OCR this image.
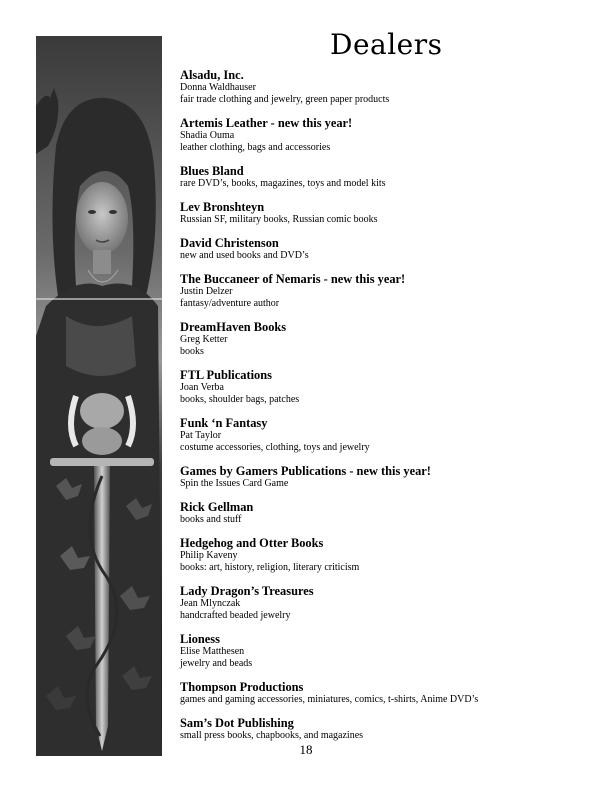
Dealers
Alsadu, Inc.
Donna Waldhauser
fair trade clothing and jewelry, green paper products
Artemis Leather - new this year!
Shadia Ouma
leather clothing, bags and accessories
Blues Bland
rare DVD’s, books, magazines, toys and model kits
Lev Bronshteyn
Russian SF, military books, Russian comic books
David Christenson
new and used books and DVD’s
The Buccaneer of Nemaris - new this year!
Justin Delzer
fantasy/adventure author
DreamHaven Books
Greg Ketter
books
FTL Publications
Joan Verba
books, shoulder bags, patches
Funk ‘n Fantasy
Pat Taylor
costume accessories, clothing, toys and jewelry
Games by Gamers Publications - new this year!
Spin the Issues Card Game
Rick Gellman
books and stuff
Hedgehog and Otter Books
Philip Kaveny
books: art, history, religion, literary criticism
Lady Dragon’s Treasures
Jean Mlynczak
handcrafted beaded jewelry
Lioness
Elise Matthesen
jewelry and beads
Thompson Productions
games and gaming accessories, miniatures, comics, t-shirts, Anime DVD’s
Sam’s Dot Publishing
small press books, chapbooks, and magazines
18
